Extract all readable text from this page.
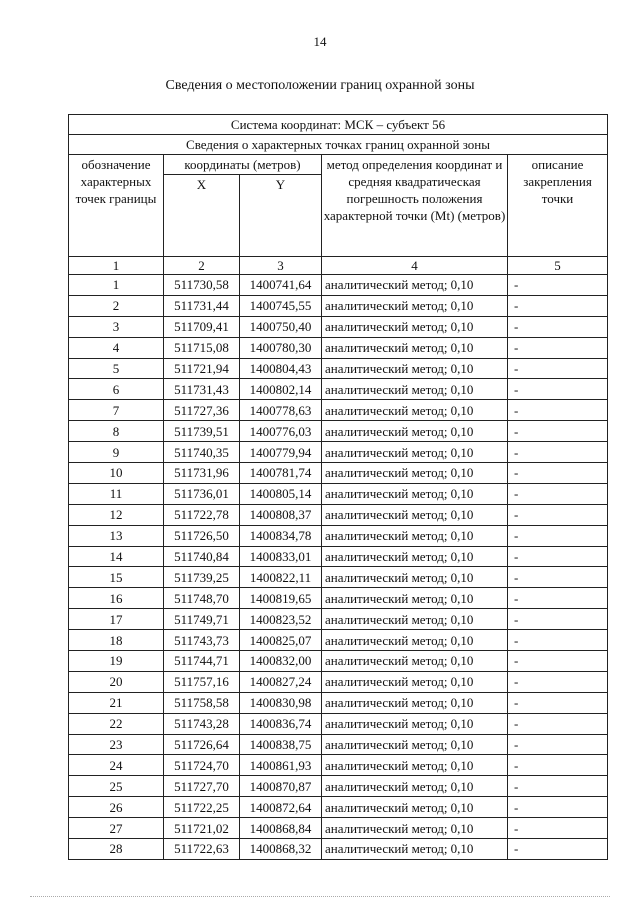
14
Сведения о местоположении границ охранной зоны
Система координат: МСК – субъект 56				
Сведения о характерных точках границ охранной зоны				
обозначение характерных точек границы	координаты (метров)		метод определения координат и средняя квадратическая погрешность положения характерной точки (Mt) (метров)	описание закрепления точки
	X	Y		
1	2	3	4	5
1	511730,58	1400741,64	аналитический метод; 0,10	-
2	511731,44	1400745,55	аналитический метод; 0,10	-
3	511709,41	1400750,40	аналитический метод; 0,10	-
4	511715,08	1400780,30	аналитический метод; 0,10	-
5	511721,94	1400804,43	аналитический метод; 0,10	-
6	511731,43	1400802,14	аналитический метод; 0,10	-
7	511727,36	1400778,63	аналитический метод; 0,10	-
8	511739,51	1400776,03	аналитический метод; 0,10	-
9	511740,35	1400779,94	аналитический метод; 0,10	-
10	511731,96	1400781,74	аналитический метод; 0,10	-
11	511736,01	1400805,14	аналитический метод; 0,10	-
12	511722,78	1400808,37	аналитический метод; 0,10	-
13	511726,50	1400834,78	аналитический метод; 0,10	-
14	511740,84	1400833,01	аналитический метод; 0,10	-
15	511739,25	1400822,11	аналитический метод; 0,10	-
16	511748,70	1400819,65	аналитический метод; 0,10	-
17	511749,71	1400823,52	аналитический метод; 0,10	-
18	511743,73	1400825,07	аналитический метод; 0,10	-
19	511744,71	1400832,00	аналитический метод; 0,10	-
20	511757,16	1400827,24	аналитический метод; 0,10	-
21	511758,58	1400830,98	аналитический метод; 0,10	-
22	511743,28	1400836,74	аналитический метод; 0,10	-
23	511726,64	1400838,75	аналитический метод; 0,10	-
24	511724,70	1400861,93	аналитический метод; 0,10	-
25	511727,70	1400870,87	аналитический метод; 0,10	-
26	511722,25	1400872,64	аналитический метод; 0,10	-
27	511721,02	1400868,84	аналитический метод; 0,10	-
28	511722,63	1400868,32	аналитический метод; 0,10	-
